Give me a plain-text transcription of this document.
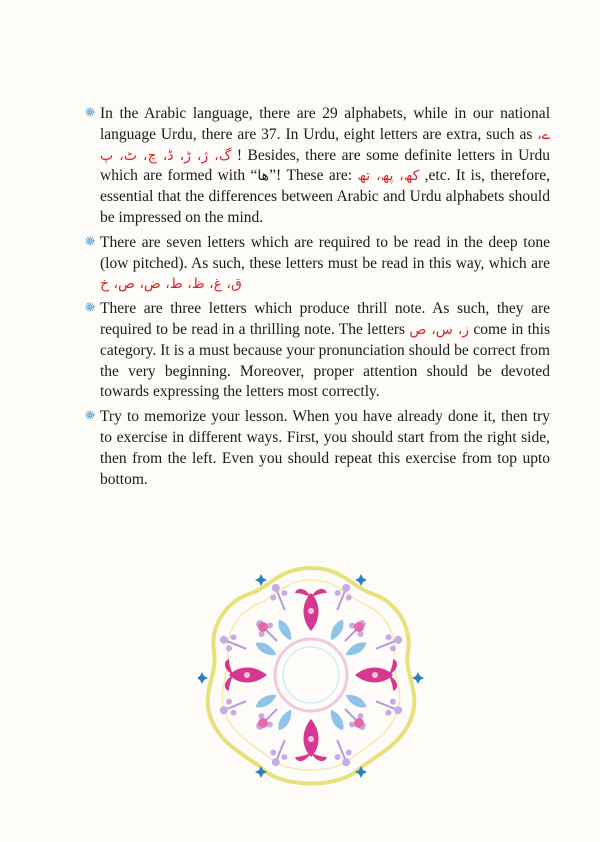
In the Arabic language, there are 29 alphabets, while in our national language Urdu, there are 37. In Urdu, eight letters are extra, such as ے، گ، ژ، ڑ، ڈ، چ، ٹ، پ ! Besides, there are some definite letters in Urdu which are formed with “ھا”! These are: کھ، پھ، تھ ,etc. It is, therefore, essential that the differences between Arabic and Urdu alphabets should be impressed on the mind.
There are seven letters which are required to be read in the deep tone (low pitched). As such, these letters must be read in this way, which are ق، غ، ظ، ط، ض، ص، خ
There are three letters which produce thrill note. As such, they are required to be read in a thrilling note. The letters ز، س، ص come in this category. It is a must because your pronunciation should be correct from the very beginning. Moreover, proper attention should be devoted towards expressing the letters most correctly.
Try to memorize your lesson. When you have already done it, then try to exercise in different ways. First, you should start from the right side, then from the left. Even you should repeat this exercise from top upto bottom.
